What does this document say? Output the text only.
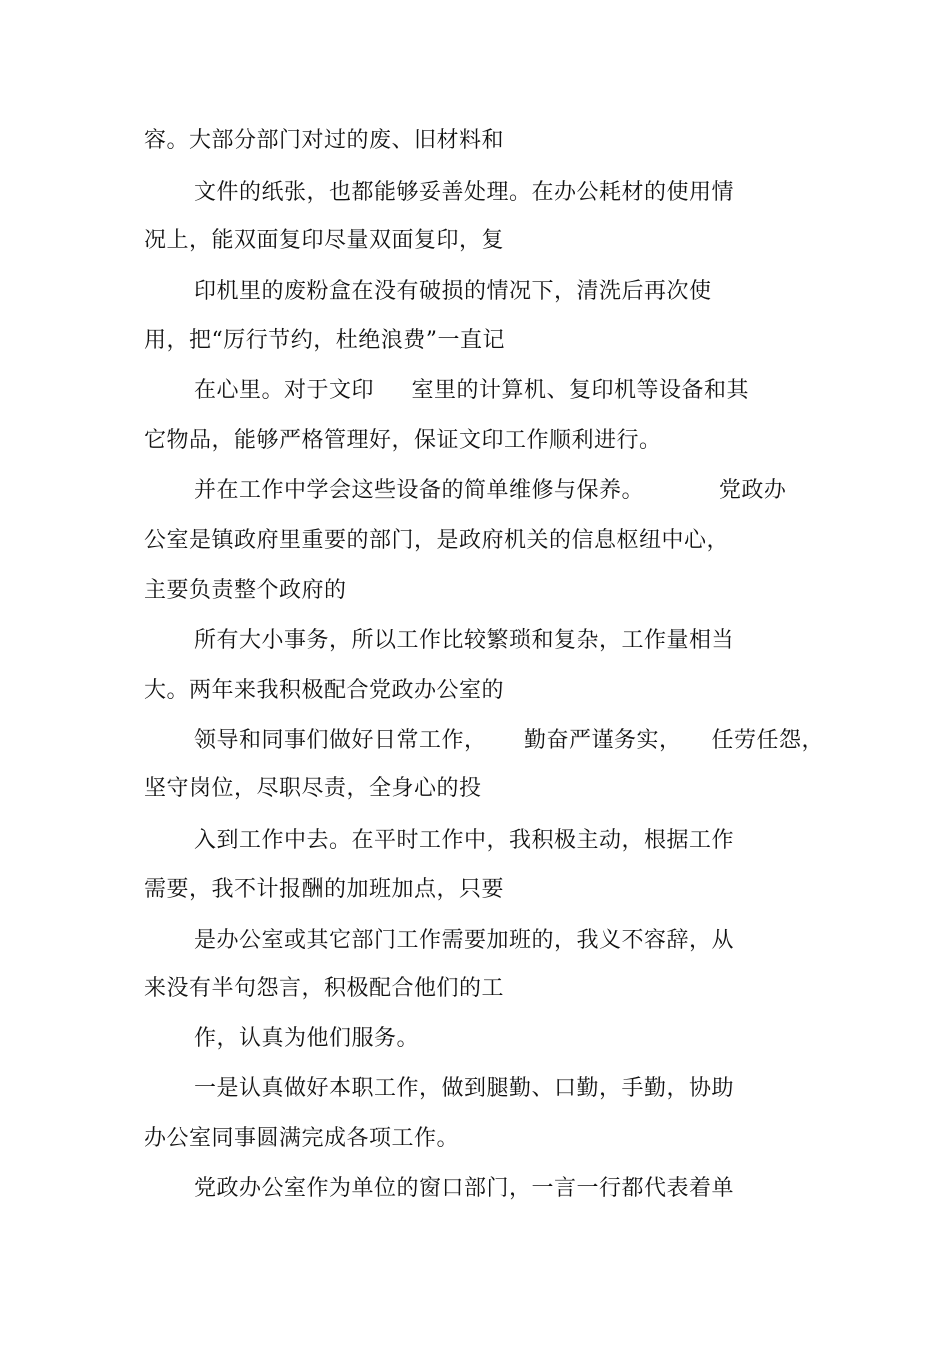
容。大部分部门对过的废、旧材料和
文件的纸张，也都能够妥善处理。在办公耗材的使用情
况上，能双面复印尽量双面复印，复
印机里的废粉盒在没有破损的情况下，清洗后再次使
用，把“厉行节约，杜绝浪费”一直记
在心里。对于文印     室里的计算机、复印机等设备和其
它物品，能够严格管理好，保证文印工作顺利进行。
并在工作中学会这些设备的简单维修与保养。          党政办
公室是镇政府里重要的部门，是政府机关的信息枢纽中心，
主要负责整个政府的
所有大小事务，所以工作比较繁琐和复杂，工作量相当
大。两年来我积极配合党政办公室的
领导和同事们做好日常工作，     勤奋严谨务实，    任劳任怨，
坚守岗位，尽职尽责，全身心的投
入到工作中去。在平时工作中，我积极主动，根据工作
需要，我不计报酬的加班加点，只要
是办公室或其它部门工作需要加班的，我义不容辞，从
来没有半句怨言，积极配合他们的工
作，认真为他们服务。
一是认真做好本职工作，做到腿勤、口勤，手勤，协助
办公室同事圆满完成各项工作。
党政办公室作为单位的窗口部门，一言一行都代表着单
